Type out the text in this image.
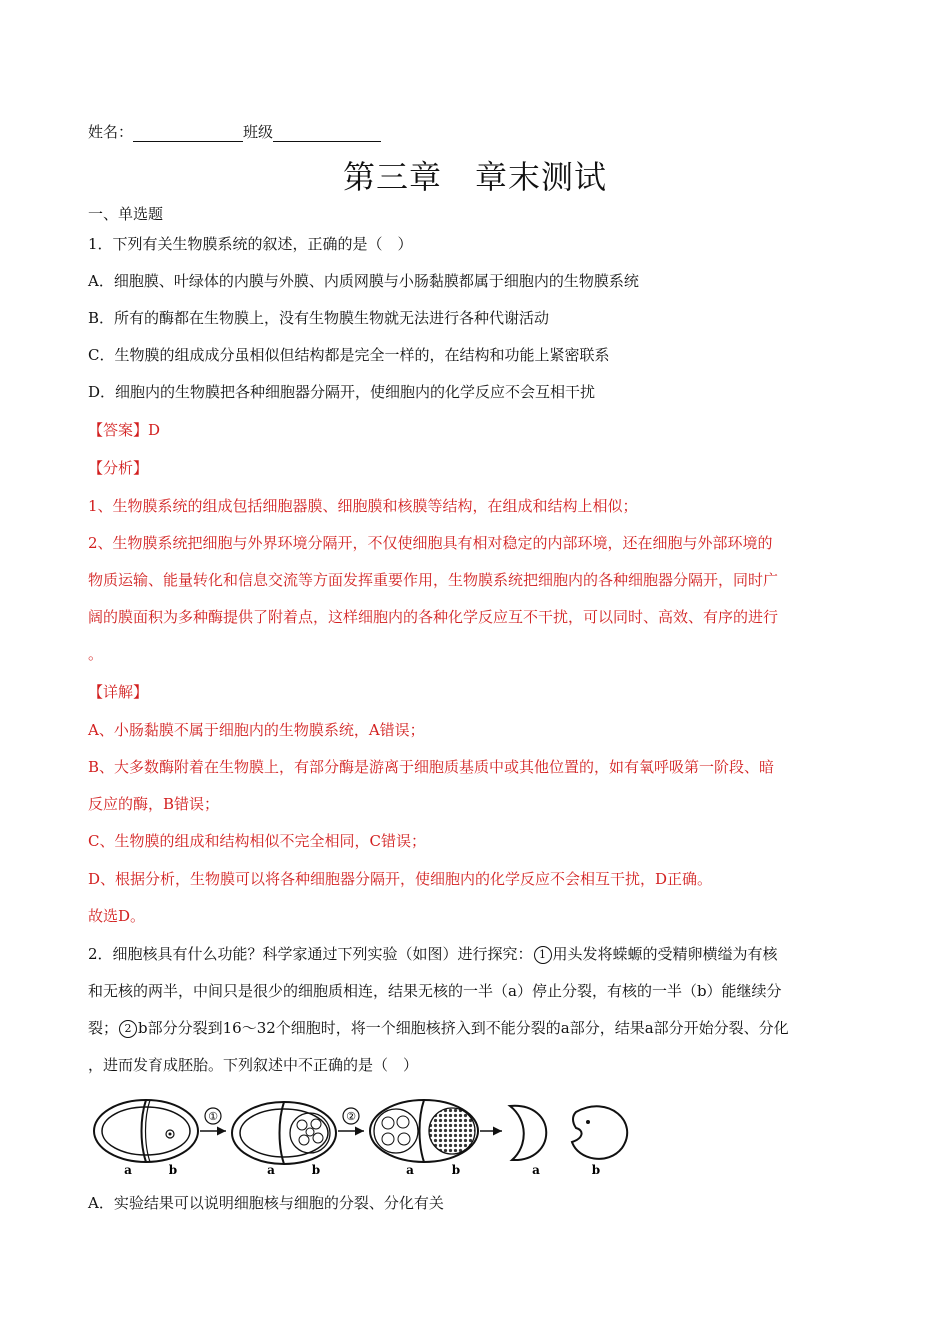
姓名：	班级
第三章　章末测试
一、单选题
1．下列有关生物膜系统的叙述，正确的是（　）
A．细胞膜、叶绿体的内膜与外膜、内质网膜与小肠黏膜都属于细胞内的生物膜系统
B．所有的酶都在生物膜上，没有生物膜生物就无法进行各种代谢活动
C．生物膜的组成成分虽相似但结构都是完全一样的，在结构和功能上紧密联系
D．细胞内的生物膜把各种细胞器分隔开，使细胞内的化学反应不会互相干扰
【答案】D
【分析】
1、生物膜系统的组成包括细胞器膜、细胞膜和核膜等结构，在组成和结构上相似；
2、生物膜系统把细胞与外界环境分隔开，不仅使细胞具有相对稳定的内部环境，还在细胞与外部环境的
物质运输、能量转化和信息交流等方面发挥重要作用，生物膜系统把细胞内的各种细胞器分隔开，同时广
阔的膜面积为多种酶提供了附着点，这样细胞内的各种化学反应互不干扰，可以同时、高效、有序的进行
。
【详解】
A、小肠黏膜不属于细胞内的生物膜系统，A错误；
B、大多数酶附着在生物膜上，有部分酶是游离于细胞质基质中或其他位置的，如有氧呼吸第一阶段、暗
反应的酶，B错误；
C、生物膜的组成和结构相似不完全相同，C错误；
D、根据分析，生物膜可以将各种细胞器分隔开，使细胞内的化学反应不会相互干扰，D正确。
故选D。
2．细胞核具有什么功能？科学家通过下列实验（如图）进行探究： 1 用头发将蝾螈的受精卵横缢为有核
和无核的两半，中间只是很少的细胞质相连，结果无核的一半（a）停止分裂，有核的一半（b）能继续分
裂； 2 b部分分裂到16～32个细胞时，将一个细胞核挤入到不能分裂的a部分，结果a部分开始分裂、分化
，进而发育成胚胎。下列叙述中不正确的是（　）
①	②
a	b	a	b	a	b	a	b
A．实验结果可以说明细胞核与细胞的分裂、分化有关
